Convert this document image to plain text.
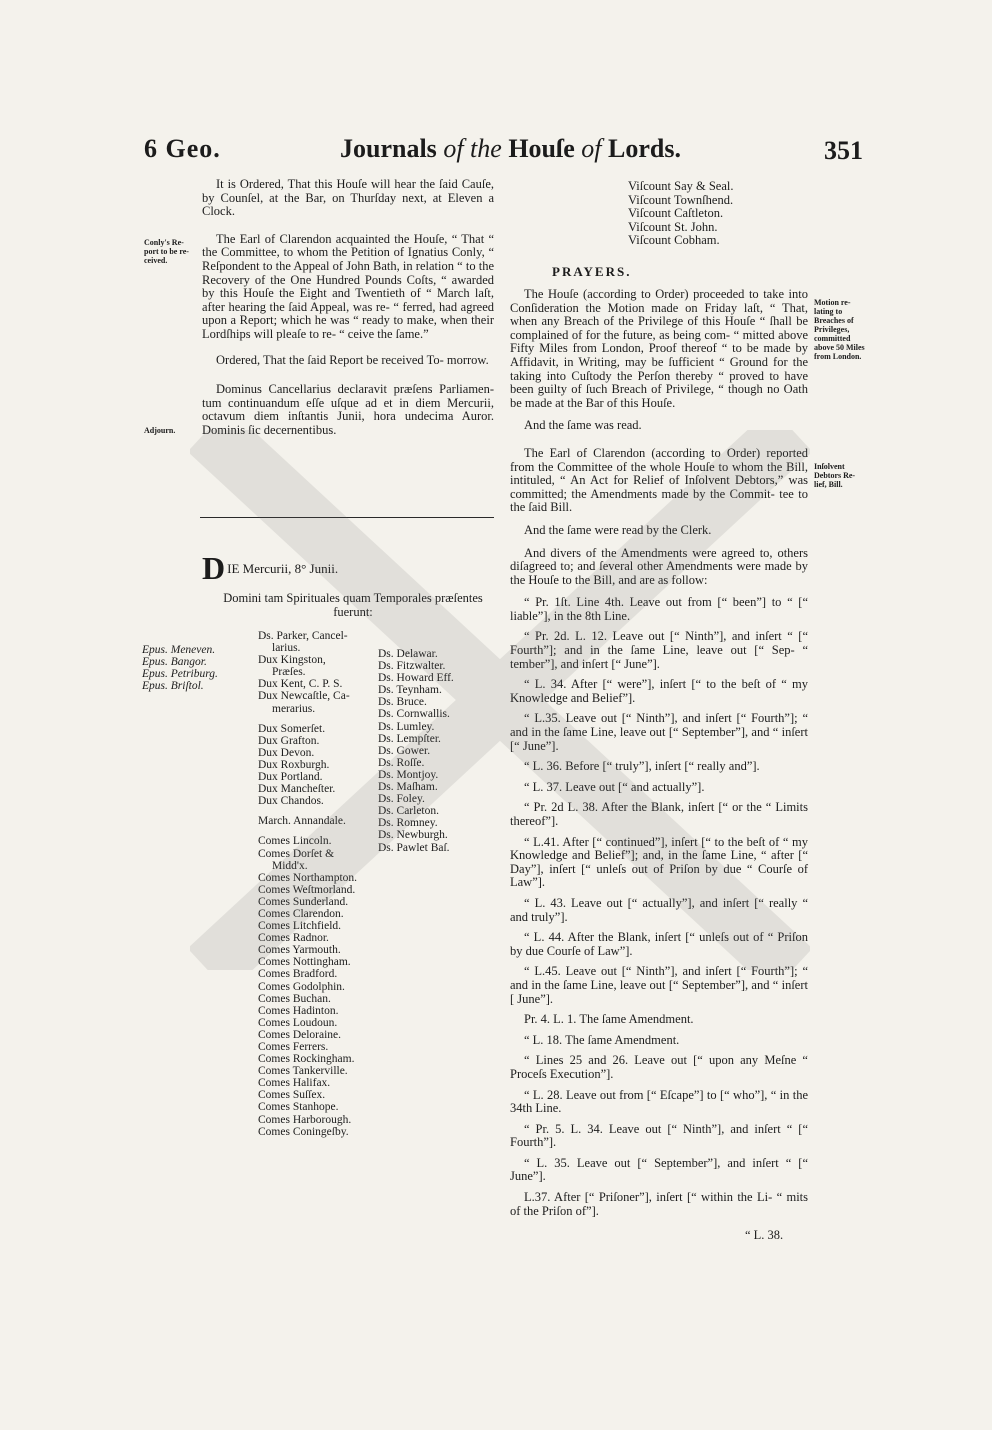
6 Geo.	Journals of the Houſe of Lords.	351

It is Ordered, That this Houſe will hear the ſaid Cauſe, by Counſel, at the Bar, on Thurſday next, at Eleven a Clock.

The Earl of Clarendon acquainted the Houſe, “ That “ the Committee, to whom the Petition of Ignatius Conly, “ Reſpondent to the Appeal of John Bath, in relation “ to the Recovery of the One Hundred Pounds Coſts, “ awarded by this Houſe the Eight and Twentieth of “ March laſt, after hearing the ſaid Appeal, was re- “ ferred, had agreed upon a Report; which he was “ ready to make, when their Lordſhips will pleaſe to re- “ ceive the ſame.”

Ordered, That the ſaid Report be received To- morrow.

Dominus Cancellarius declaravit præſens Parliamen- tum continuandum eſſe uſque ad et in diem Mercurii, octavum diem inſtantis Junii, hora undecima Auror. Dominis ſic decernentibus.

Conly's Re- port to be re- ceived.
Adjourn.
DIE Mercurii, 8° Junii.
Domini tam Spirituales quam Temporales præſentes fuerunt:
Epus. Meneven.
Epus. Bangor.
Epus. Petriburg.
Epus. Briſtol.
Ds. Parker, Cancel-
larius.
Dux Kingston,
Præſes.
Dux Kent, C. P. S.
Dux Newcaſtle, Ca-
merarius.
Dux Somerſet.
Dux Grafton.
Dux Devon.
Dux Roxburgh.
Dux Portland.
Dux Mancheſter.
Dux Chandos.
March. Annandale.
Comes Lincoln.
Comes Dorſet &
Midd'x.
Comes Northampton.
Comes Weſtmorland.
Comes Sunderland.
Comes Clarendon.
Comes Litchfield.
Comes Radnor.
Comes Yarmouth.
Comes Nottingham.
Comes Bradford.
Comes Godolphin.
Comes Buchan.
Comes Hadinton.
Comes Loudoun.
Comes Deloraine.
Comes Ferrers.
Comes Rockingham.
Comes Tankerville.
Comes Halifax.
Comes Suſſex.
Comes Stanhope.
Comes Harborough.
Comes Coningeſby.
Ds. Delawar.
Ds. Fitzwalter.
Ds. Howard Eff.
Ds. Teynham.
Ds. Bruce.
Ds. Cornwallis.
Ds. Lumley.
Ds. Lempſter.
Ds. Gower.
Ds. Roſſe.
Ds. Montjoy.
Ds. Maſham.
Ds. Foley.
Ds. Carleton.
Ds. Romney.
Ds. Newburgh.
Ds. Pawlet Baſ.
Viſcount Say & Seal.
Viſcount Townſhend.
Viſcount Caſtleton.
Viſcount St. John.
Viſcount Cobham.
PRAYERS.

The Houſe (according to Order) proceeded to take into Conſideration the Motion made on Friday laſt, “ That, when any Breach of the Privilege of this Houſe “ ſhall be complained of for the future, as being com- “ mitted above Fifty Miles from London, Proof thereof “ to be made by Affidavit, in Writing, may be ſufficient “ Ground for the taking into Cuſtody the Perſon thereby “ proved to have been guilty of ſuch Breach of Privilege, “ though no Oath be made at the Bar of this Houſe.

And the ſame was read.

The Earl of Clarendon (according to Order) reported from the Committee of the whole Houſe to whom the Bill, intituled, “ An Act for Relief of Inſolvent Debtors,” was committed; the Amendments made by the Commit- tee to the ſaid Bill.

And the ſame were read by the Clerk.

And divers of the Amendments were agreed to, others diſagreed to; and ſeveral other Amendments were made by the Houſe to the Bill, and are as follow:

“ Pr. 1ſt. Line 4th. Leave out from [“ been”] to “ [“ liable”], in the 8th Line.

“ Pr. 2d. L. 12. Leave out [“ Ninth”], and inſert “ [“ Fourth”]; and in the ſame Line, leave out [“ Sep- “ tember”], and inſert [“ June”].

“ L. 34. After [“ were”], inſert [“ to the beſt of “ my Knowledge and Belief”].

“ L.35. Leave out [“ Ninth”], and inſert [“ Fourth”]; “ and in the ſame Line, leave out [“ September”], and “ inſert [“ June”].

“ L. 36. Before [“ truly”], inſert [“ really and”].

“ L. 37. Leave out [“ and actually”].

“ Pr. 2d L. 38. After the Blank, inſert [“ or the “ Limits thereof”].

“ L.41. After [“ continued”], inſert [“ to the beſt of “ my Knowledge and Belief”]; and, in the ſame Line, “ after [“ Day”], inſert [“ unleſs out of Priſon by due “ Courſe of Law”].

“ L. 43. Leave out [“ actually”], and inſert [“ really “ and truly”].

“ L. 44. After the Blank, inſert [“ unleſs out of “ Priſon by due Courſe of Law”].

“ L.45. Leave out [“ Ninth”], and inſert [“ Fourth”]; “ and in the ſame Line, leave out [“ September”], and “ inſert [ June”].

Pr. 4. L. 1. The ſame Amendment.

“ L. 18. The ſame Amendment.

“ Lines 25 and 26. Leave out [“ upon any Meſne “ Proceſs Execution”].

“ L. 28. Leave out from [“ Eſcape”] to [“ who”], “ in the 34th Line.

“ Pr. 5. L. 34. Leave out [“ Ninth”], and inſert “ [“ Fourth”].

“ L. 35. Leave out [“ September”], and inſert “ [“ June”].

L.37. After [“ Priſoner”], inſert [“ within the Li- “ mits of the Priſon of”].

Motion re- lating to Breaches of Privileges, committed above 50 Miles from London.
Inſolvent Debtors Re- lief, Bill.
“ L. 38.
